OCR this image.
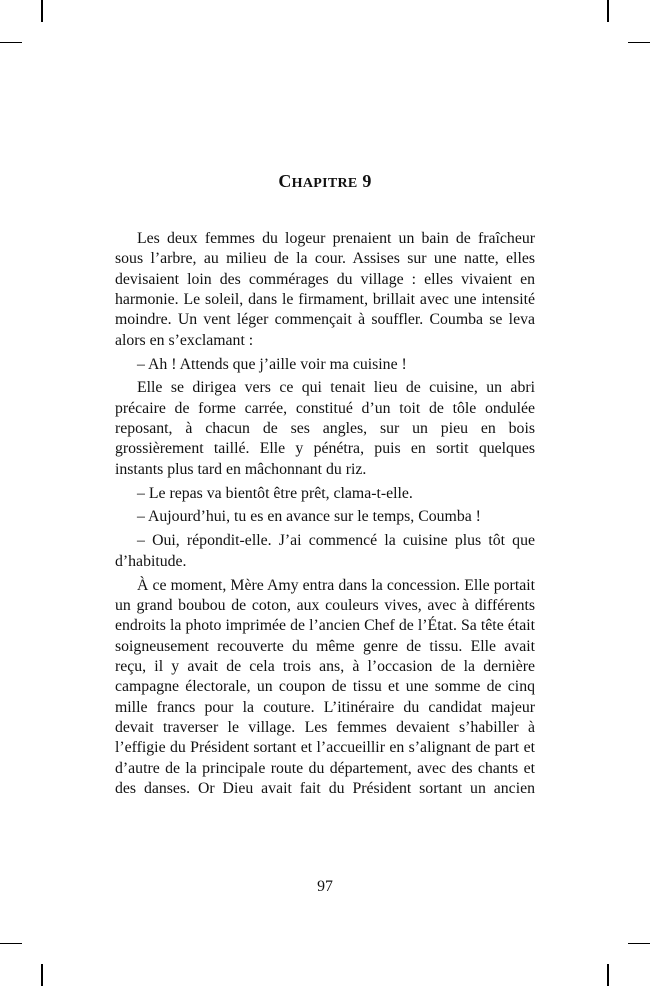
CHAPITRE 9

Les deux femmes du logeur prenaient un bain de fraîcheur sous l’arbre, au milieu de la cour. Assises sur une natte, elles devisaient loin des commérages du village : elles vivaient en harmonie. Le soleil, dans le firmament, brillait avec une intensité moindre. Un vent léger commençait à souffler. Coumba se leva alors en s’exclamant :

– Ah ! Attends que j’aille voir ma cuisine !

Elle se dirigea vers ce qui tenait lieu de cuisine, un abri précaire de forme carrée, constitué d’un toit de tôle ondulée reposant, à chacun de ses angles, sur un pieu en bois grossièrement taillé. Elle y pénétra, puis en sortit quelques instants plus tard en mâchonnant du riz.

– Le repas va bientôt être prêt, clama-t-elle.

– Aujourd’hui, tu es en avance sur le temps, Coumba !

– Oui, répondit-elle. J’ai commencé la cuisine plus tôt que d’habitude.

À ce moment, Mère Amy entra dans la concession. Elle portait un grand boubou de coton, aux couleurs vives, avec à différents endroits la photo imprimée de l’ancien Chef de l’État. Sa tête était soigneusement recouverte du même genre de tissu. Elle avait reçu, il y avait de cela trois ans, à l’occasion de la dernière campagne électorale, un coupon de tissu et une somme de cinq mille francs pour la couture. L’itinéraire du candidat majeur devait traverser le village. Les femmes devaient s’habiller à l’effigie du Président sortant et l’accueillir en s’alignant de part et d’autre de la principale route du département, avec des chants et des danses. Or Dieu avait fait du Président sortant un ancien

97
